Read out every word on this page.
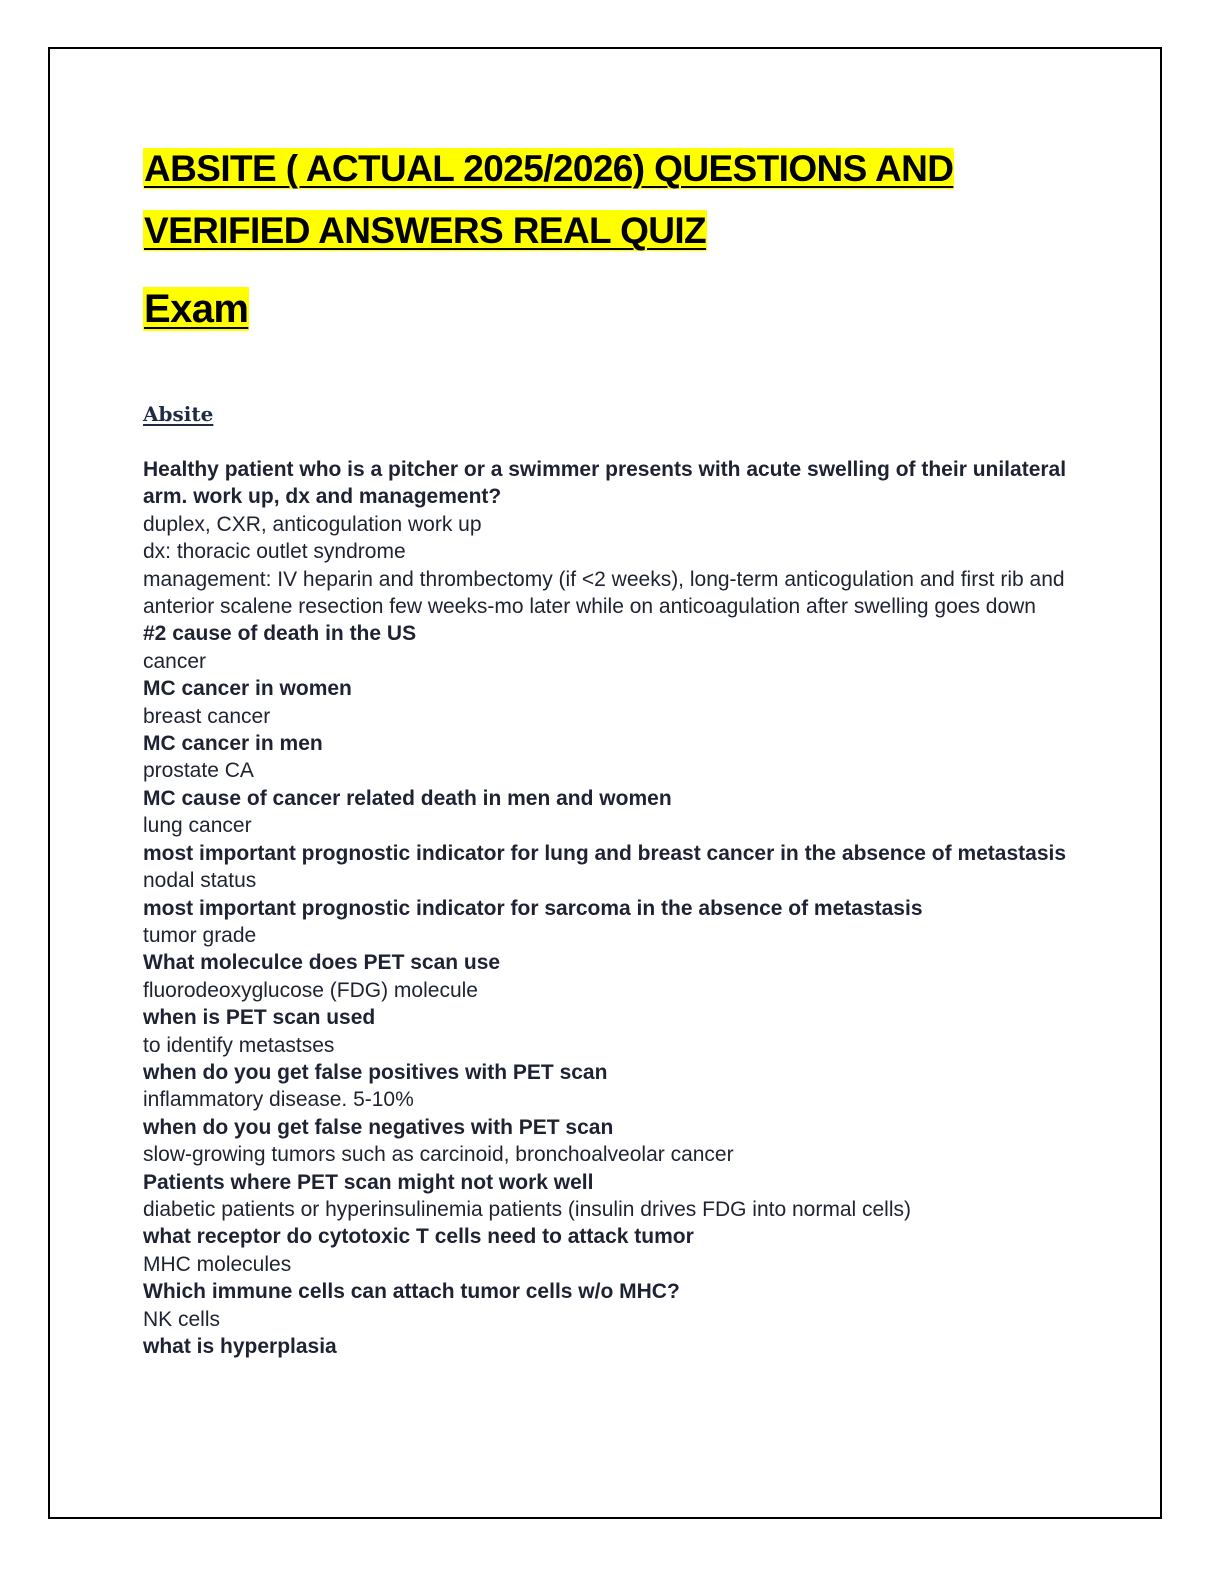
ABSITE ( ACTUAL 2025/2026) QUESTIONS AND
VERIFIED ANSWERS REAL QUIZ
Exam
Absite
Healthy patient who is a pitcher or a swimmer presents with acute swelling of their unilateral arm. work up, dx and management?
duplex, CXR, anticogulation work up
dx: thoracic outlet syndrome
management: IV heparin and thrombectomy (if <2 weeks), long-term anticogulation and first rib and anterior scalene resection few weeks-mo later while on anticoagulation after swelling goes down
#2 cause of death in the US
cancer
MC cancer in women
breast cancer
MC cancer in men
prostate CA
MC cause of cancer related death in men and women
lung cancer
most important prognostic indicator for lung and breast cancer in the absence of metastasis
nodal status
most important prognostic indicator for sarcoma in the absence of metastasis
tumor grade
What moleculce does PET scan use
fluorodeoxyglucose (FDG) molecule
when is PET scan used
to identify metastses
when do you get false positives with PET scan
inflammatory disease. 5-10%
when do you get false negatives with PET scan
slow-growing tumors such as carcinoid, bronchoalveolar cancer
Patients where PET scan might not work well
diabetic patients or hyperinsulinemia patients (insulin drives FDG into normal cells)
what receptor do cytotoxic T cells need to attack tumor
MHC molecules
Which immune cells can attach tumor cells w/o MHC?
NK cells
what is hyperplasia
